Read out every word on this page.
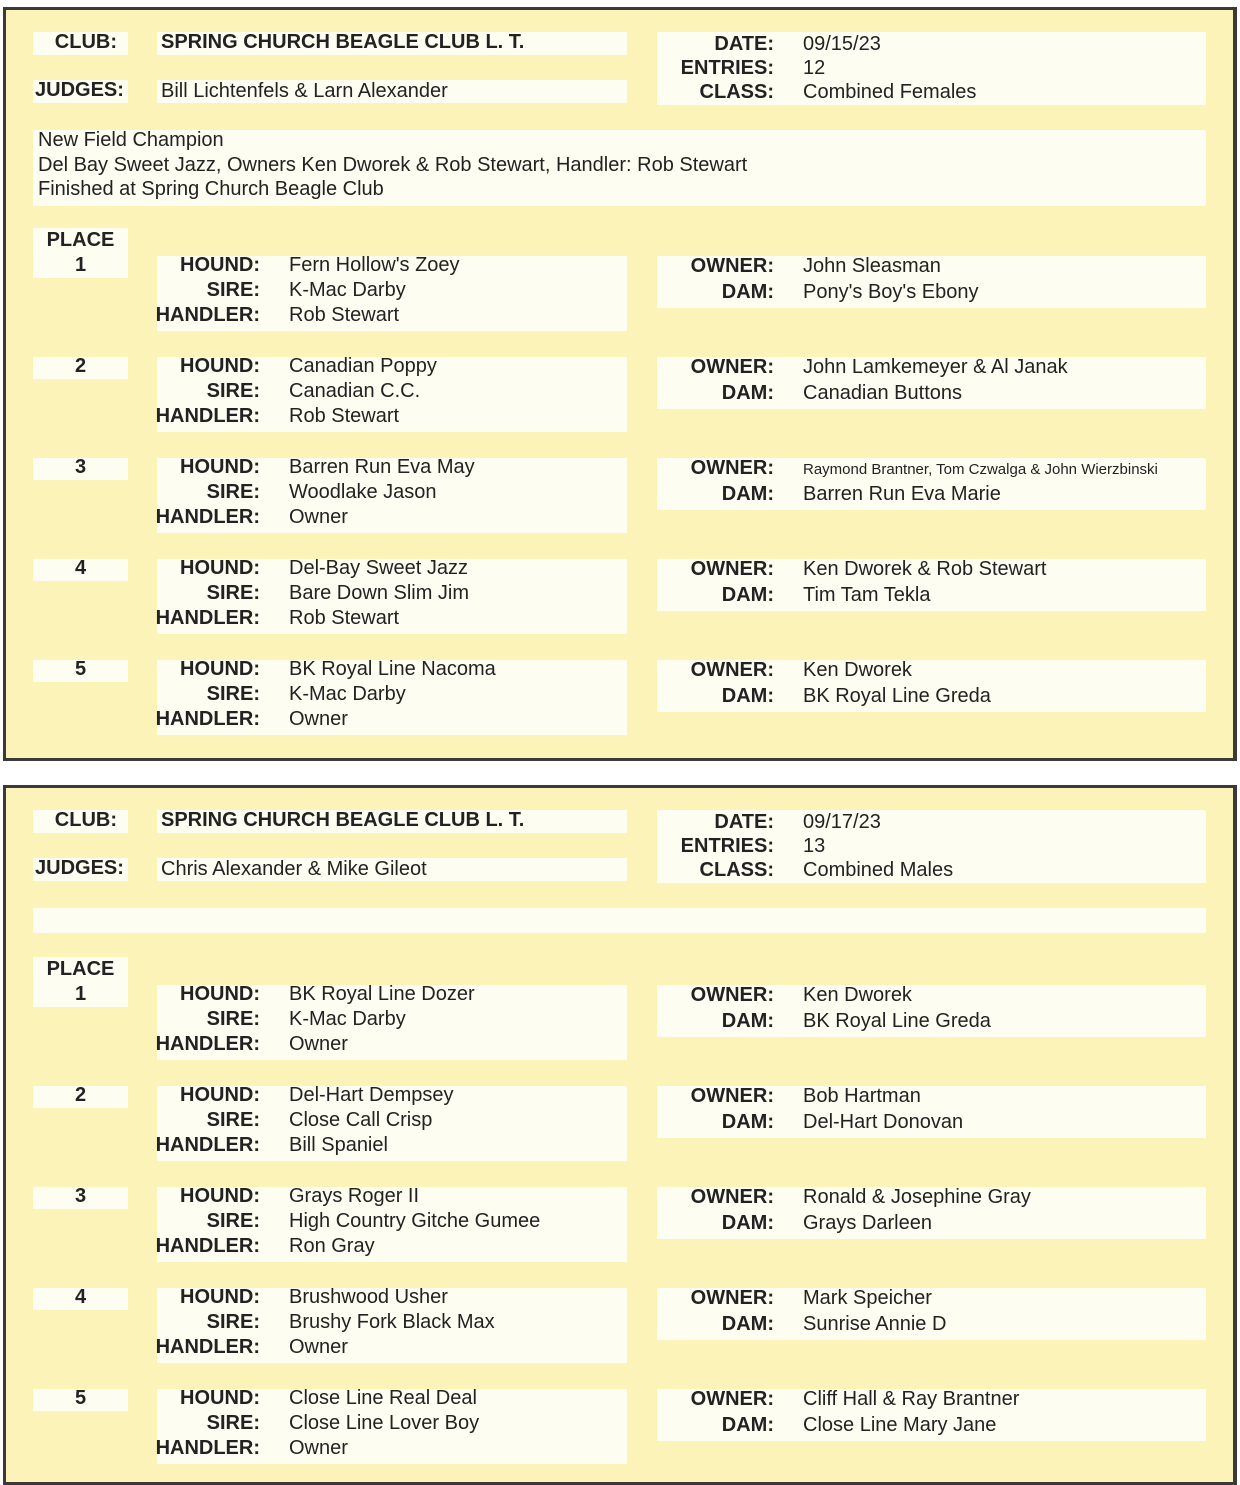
CLUB: SPRING CHURCH BEAGLE CLUB L. T.
JUDGES: Bill Lichtenfels & Larn Alexander
DATE: 09/15/23
ENTRIES: 12
CLASS: Combined Females
New Field Champion
Del Bay Sweet Jazz, Owners Ken Dworek & Rob Stewart, Handler: Rob Stewart
Finished at Spring Church Beagle Club
PLACE
1	HOUND: Fern Hollow's Zoey
SIRE: K-Mac Darby
HANDLER: Rob Stewart
OWNER: John Sleasman
DAM: Pony's Boy's Ebony
2	HOUND: Canadian Poppy
SIRE: Canadian C.C.
HANDLER: Rob Stewart
OWNER: John Lamkemeyer & Al Janak
DAM: Canadian Buttons
3	HOUND: Barren Run Eva May
SIRE: Woodlake Jason
HANDLER: Owner
OWNER: Raymond Brantner, Tom Czwalga & John Wierzbinski
DAM: Barren Run Eva Marie
4	HOUND: Del-Bay Sweet Jazz
SIRE: Bare Down Slim Jim
HANDLER: Rob Stewart
OWNER: Ken Dworek & Rob Stewart
DAM: Tim Tam Tekla
5	HOUND: BK Royal Line Nacoma
SIRE: K-Mac Darby
HANDLER: Owner
OWNER: Ken Dworek
DAM: BK Royal Line Greda
CLUB: SPRING CHURCH BEAGLE CLUB L. T.
JUDGES: Chris Alexander & Mike Gileot
DATE: 09/17/23
ENTRIES: 13
CLASS: Combined Males
PLACE
1	HOUND: BK Royal Line Dozer
SIRE: K-Mac Darby
HANDLER: Owner
OWNER: Ken Dworek
DAM: BK Royal Line Greda
2	HOUND: Del-Hart Dempsey
SIRE: Close Call Crisp
HANDLER: Bill Spaniel
OWNER: Bob Hartman
DAM: Del-Hart Donovan
3	HOUND: Grays Roger II
SIRE: High Country Gitche Gumee
HANDLER: Ron Gray
OWNER: Ronald & Josephine Gray
DAM: Grays Darleen
4	HOUND: Brushwood Usher
SIRE: Brushy Fork Black Max
HANDLER: Owner
OWNER: Mark Speicher
DAM: Sunrise Annie D
5	HOUND: Close Line Real Deal
SIRE: Close Line Lover Boy
HANDLER: Owner
OWNER: Cliff Hall & Ray Brantner
DAM: Close Line Mary Jane
